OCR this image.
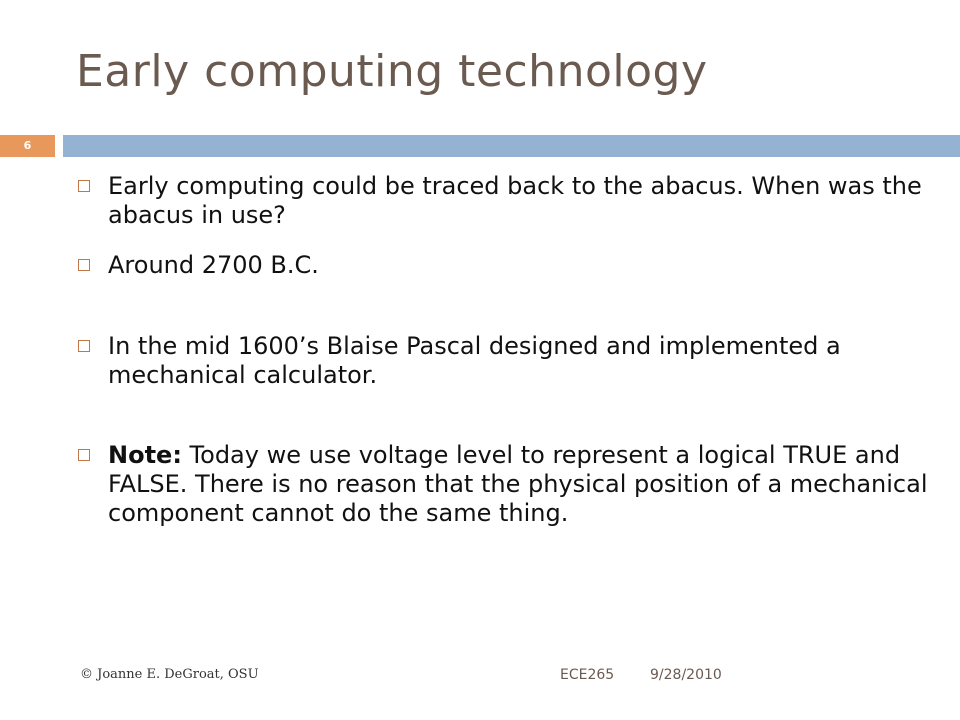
Early computing technology
6
Early computing could be traced back to the abacus. When was the abacus in use?
Around 2700 B.C.
In the mid 1600’s Blaise Pascal designed and implemented a mechanical calculator.
Note: Today we use voltage level to represent a logical TRUE and FALSE. There is no reason that the physical position of a mechanical component cannot do the same thing.
© Joanne E. DeGroat, OSU	ECE265	9/28/2010
